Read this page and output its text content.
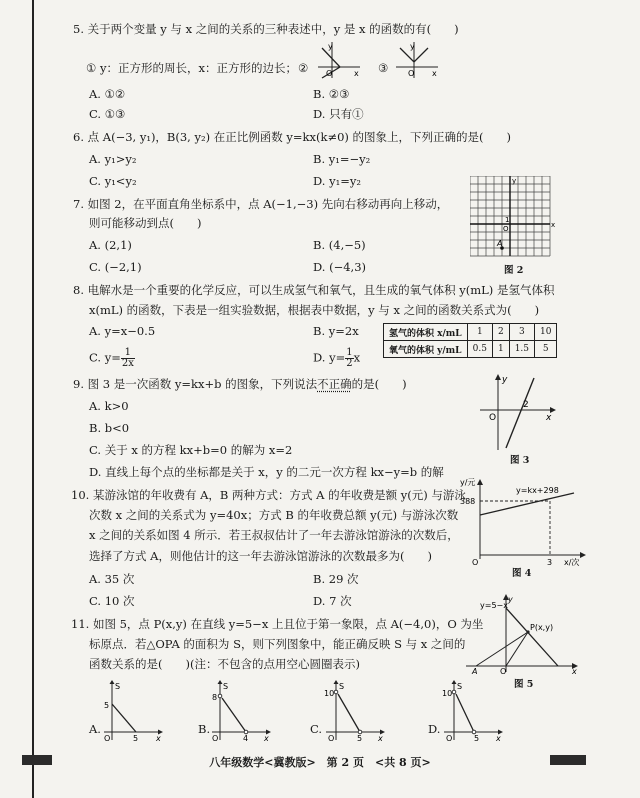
5. 关于两个变量 y 与 x 之间的关系的三种表述中，y 是 x 的函数的有(　　)
① y：正方形的周长，x：正方形的边长； ②
y
x
O	③
y
x
O
A. ①②	B. ②③
C. ①③	D. 只有①
6. 点 A(−3, y₁)，B(3, y₂) 在正比例函数 y=kx(k≠0) 的图象上，下列正确的是(　　)
A. y₁>y₂	B. y₁=−y₂
C. y₁<y₂	D. y₁=y₂
7. 如图 2，在平面直角坐标系中，点 A(−1,−3) 先向右移动再向上移动，
则可能移动到点(　　)
A. (2,1)	B. (4,−5)
C. (−2,1)	D. (−4,3)
A
1
O
y
x
图 2
8. 电解水是一个重要的化学反应，可以生成氢气和氧气，且生成的氧气体积 y(mL) 是氢气体积
x(mL) 的函数，下表是一组实验数据，根据表中数据，y 与 x 之间的函数关系式为(　　)
A. y=x−0.5	B. y=2x
C. $y= \frac{1}{2x}$	D. $y= \frac{1}{2}$ x
氢气的体积 x/mL	1	2	3	10
氧气的体积 y/mL	0.5	1	1.5	5
9. 图 3 是一次函数 y=kx+b 的图象，下列说法不正确的是(　　)
A. k>0
B. b<0
C. 关于 x 的方程 kx+b=0 的解为 x=2
D. 直线上每个点的坐标都是关于 x，y 的二元一次方程 kx−y=b 的解
y
x
O
2
图 3
10. 某游泳馆的年收费有 A，B 两种方式：方式 A 的年收费是额 y(元) 与游泳
次数 x 之间的关系式为 y=40x；方式 B 的年收费总额 y(元) 与游泳次数
x 之间的关系如图 4 所示．若王叔叔估计了一年去游泳馆游泳的次数后，
选择了方式 A，则他估计的这一年去游泳馆游泳的次数最多为(　　)
A. 35 次	B. 29 次
C. 10 次	D. 7 次
y/元
388
y=kx+298
O	3 x/次
图 4
11. 如图 5，点 P(x,y) 在直线 y=5−x 上且位于第一象限，点 A(−4,0)，O 为坐
标原点．若△OPA 的面积为 S，则下列图象中，能正确反映 S 与 x 之间的
函数关系的是(　　)(注：不包含的点用空心圆圈表示)
y=5−x
y
P(x,y)
A	O	x
图 5
A.
S
5
O	5 x
B.
S
8
O	4 x
C.
S
10
O	5 x
D.
S
10
O	5 x
八年级数学<冀教版>　第 2 页　<共 8 页>
